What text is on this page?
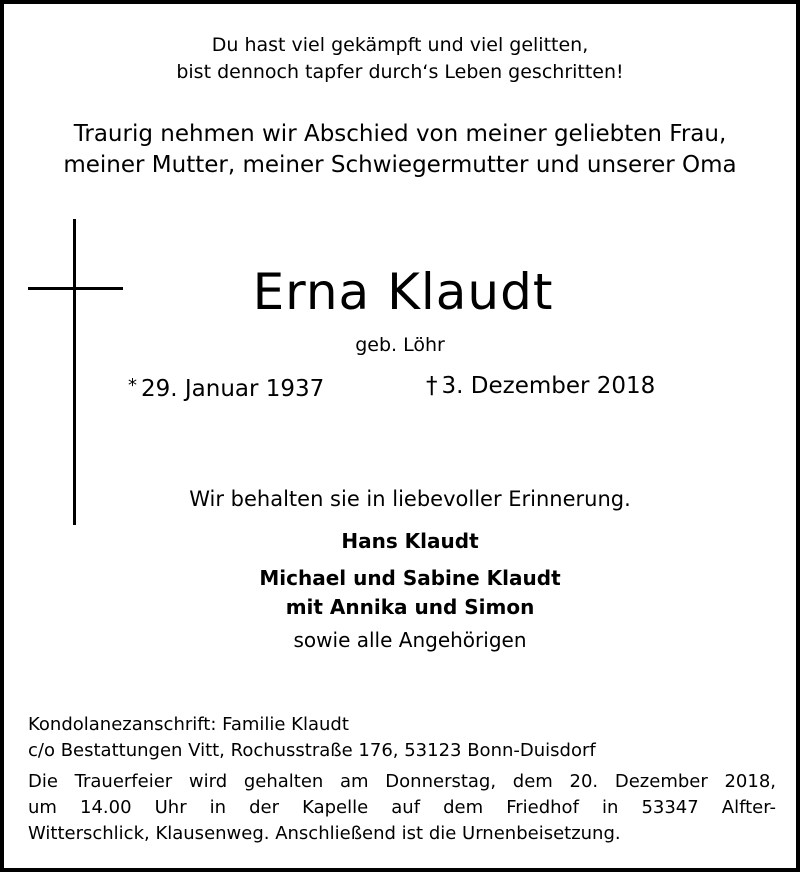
Du hast viel gekämpft und viel gelitten,
bist dennoch tapfer durch‘s Leben geschritten!
Traurig nehmen wir Abschied von meiner geliebten Frau,
meiner Mutter, meiner Schwiegermutter und unserer Oma
Erna Klaudt
geb. Löhr
* 29. Januar 1937	† 3. Dezember 2018
Wir behalten sie in liebevoller Erinnerung.
Hans Klaudt
Michael und Sabine Klaudt
mit Annika und Simon
sowie alle Angehörigen
Kondolanezanschrift: Familie Klaudt
c/o Bestattungen Vitt, Rochusstraße 176, 53123 Bonn-Duisdorf
Die Trauerfeier wird gehalten am Donnerstag, dem 20. Dezember 2018,
um 14.00 Uhr in der Kapelle auf dem Friedhof in 53347 Alfter-
Witterschlick, Klausenweg. Anschließend ist die Urnenbeisetzung.
